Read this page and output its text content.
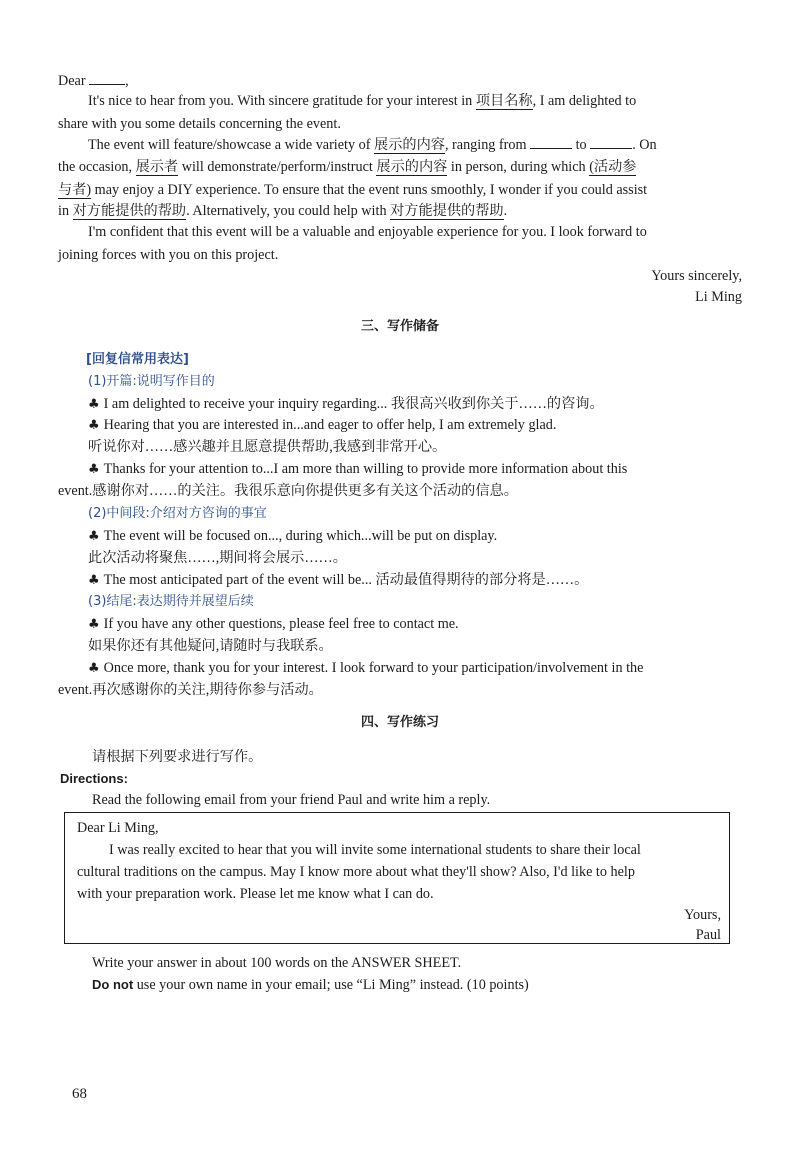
Dear	,
It's nice to hear from you. With sincere gratitude for your interest in 项目名称, I am delighted to
share with you some details concerning the event.
The event will feature/showcase a wide variety of 展示的内容, ranging from	to	. On
the occasion, 展示者 will demonstrate/perform/instruct 展示的内容 in person, during which (活动参
与者) may enjoy a DIY experience. To ensure that the event runs smoothly, I wonder if you could assist
in 对方能提供的帮助. Alternatively, you could help with 对方能提供的帮助.
I'm confident that this event will be a valuable and enjoyable experience for you. I look forward to
joining forces with you on this project.
Yours sincerely,
Li Ming
三、写作储备
[回复信常用表达]
(1)开篇:说明写作目的
♣ I am delighted to receive your inquiry regarding... 我很高兴收到你关于……的咨询。
♣ Hearing that you are interested in...and eager to offer help, I am extremely glad.
听说你对……感兴趣并且愿意提供帮助,我感到非常开心。
♣ Thanks for your attention to...I am more than willing to provide more information about this
event.感谢你对……的关注。我很乐意向你提供更多有关这个活动的信息。
(2)中间段:介绍对方咨询的事宜
♣ The event will be focused on..., during which...will be put on display.
此次活动将聚焦……,期间将会展示……。
♣ The most anticipated part of the event will be... 活动最值得期待的部分将是……。
(3)结尾:表达期待并展望后续
♣ If you have any other questions, please feel free to contact me.
如果你还有其他疑问,请随时与我联系。
♣ Once more, thank you for your interest. I look forward to your participation/involvement in the
event.再次感谢你的关注,期待你参与活动。
四、写作练习
请根据下列要求进行写作。
Directions:
Read the following email from your friend Paul and write him a reply.
Dear Li Ming,
I was really excited to hear that you will invite some international students to share their local
cultural traditions on the campus. May I know more about what they'll show? Also, I'd like to help
with your preparation work. Please let me know what I can do.
Yours,
Paul
Write your answer in about 100 words on the ANSWER SHEET.
Do not use your own name in your email; use “Li Ming” instead. (10 points)
68
